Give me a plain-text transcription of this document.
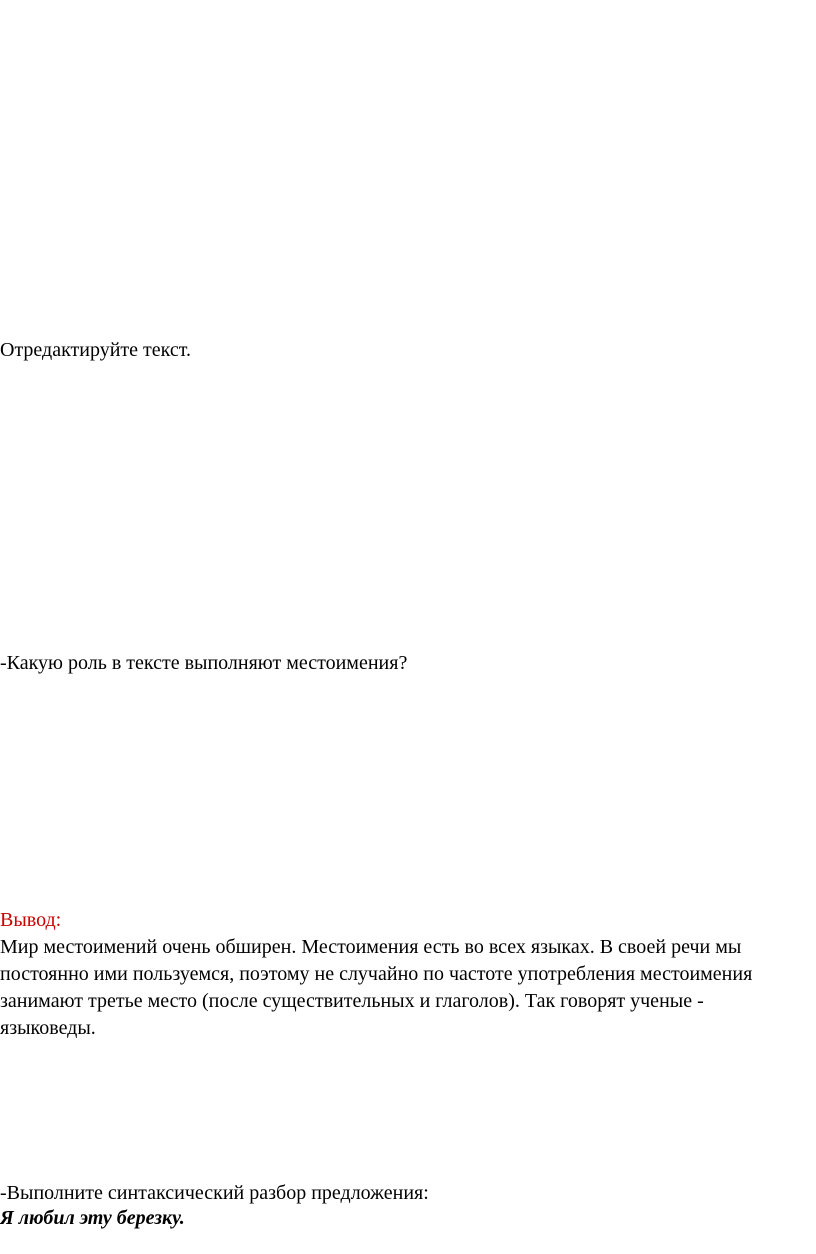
Отредактируйте текст.
-Какую роль в тексте выполняют местоимения?
Вывод:
Мир местоимений очень обширен. Местоимения есть во всех языках. В своей речи мы
постоянно ими пользуемся, поэтому не случайно по частоте употребления местоимения
занимают третье место (после существительных и глаголов). Так говорят ученые -
языковеды.
-Выполните синтаксический разбор предложения:
Я любил эту березку.
